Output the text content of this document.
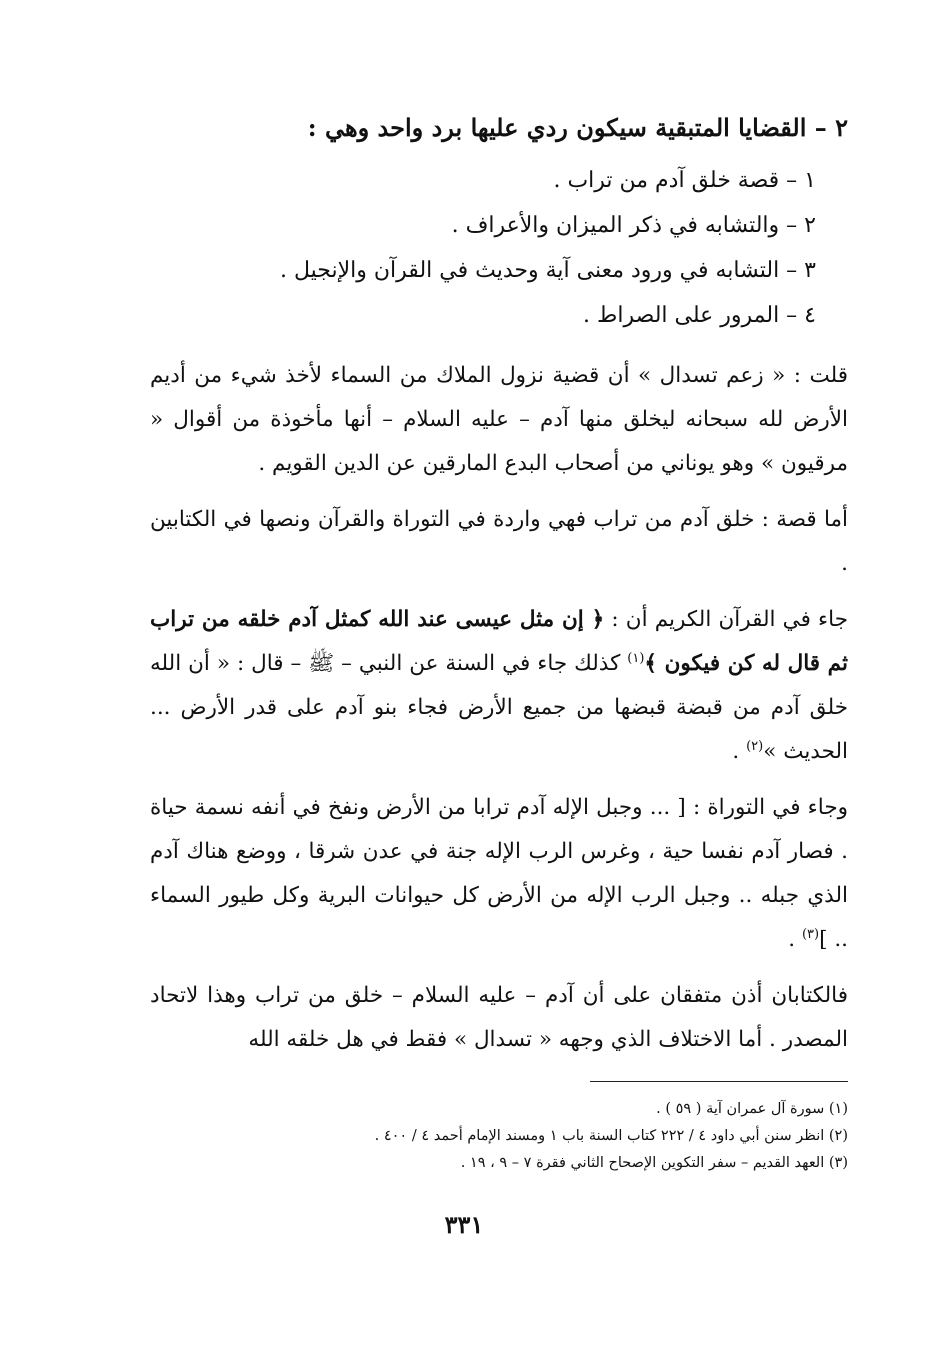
٢ – القضايا المتبقية سيكون ردي عليها برد واحد وهي :
١ – قصة خلق آدم من تراب .
٢ – والتشابه في ذكر الميزان والأعراف .
٣ – التشابه في ورود معنى آية وحديث في القرآن والإنجيل .
٤ – المرور على الصراط .

قلت : « زعم تسدال » أن قضية نزول الملاك من السماء لأخذ شيء من أديم الأرض لله سبحانه ليخلق منها آدم – عليه السلام – أنها مأخوذة من أقوال « مرقيون » وهو يوناني من أصحاب البدع المارقين عن الدين القويم .

أما قصة : خلق آدم من تراب فهي واردة في التوراة والقرآن ونصها في الكتابين .

جاء في القرآن الكريم أن : ﴿ إن مثل عيسى عند الله كمثل آدم خلقه من تراب ثم قال له كن فيكون ﴾$^{(١)}$ كذلك جاء في السنة عن النبي – ﷺ – قال : « أن الله خلق آدم من قبضة قبضها من جميع الأرض فجاء بنو آدم على قدر الأرض ... الحديث »$^{(٢)}$ .

وجاء في التوراة : [ ... وجبل الإله آدم ترابا من الأرض ونفخ في أنفه نسمة حياة . فصار آدم نفسا حية ، وغرس الرب الإله جنة في عدن شرقا ، ووضع هناك آدم الذي جبله .. وجبل الرب الإله من الأرض كل حيوانات البرية وكل طيور السماء .. ]$^{(٣)}$ .

فالكتابان أذن متفقان على أن آدم – عليه السلام – خلق من تراب وهذا لاتحاد المصدر . أما الاختلاف الذي وجهه « تسدال » فقط في هل خلقه الله

(١) سورة آل عمران آية ( ٥٩ ) .
(٢) انظر سنن أبي داود ٤ / ٢٢٢ كتاب السنة باب ١ ومسند الإمام أحمد ٤ / ٤٠٠ .
(٣) العهد القديم – سفر التكوين الإصحاح الثاني فقرة ٧ – ٩ ، ١٩ .
٣٣١
